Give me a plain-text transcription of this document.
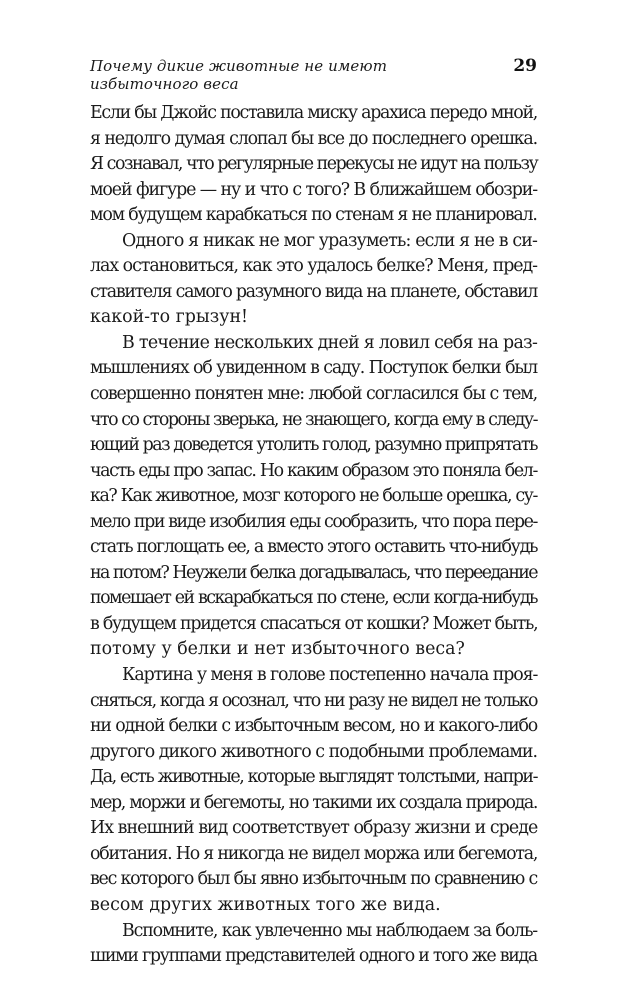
Почему дикие животные не имеют избыточного веса
29
Если бы Джойс поставила миску арахиса передо мной,
я недолго думая слопал бы все до последнего орешка.
Я сознавал, что регулярные перекусы не идут на пользу
моей фигуре — ну и что с того? В ближайшем обозри-
мом будущем карабкаться по стенам я не планировал.
Одного я никак не мог уразуметь: если я не в си-
лах остановиться, как это удалось белке? Меня, пред-
ставителя самого разумного вида на планете, обставил
какой-то грызун!
В течение нескольких дней я ловил себя на раз-
мышлениях об увиденном в саду. Поступок белки был
совершенно понятен мне: любой согласился бы с тем,
что со стороны зверька, не знающего, когда ему в следу-
ющий раз доведется утолить голод, разумно припрятать
часть еды про запас. Но каким образом это поняла бел-
ка? Как животное, мозг которого не больше орешка, су-
мело при виде изобилия еды сообразить, что пора пере-
стать поглощать ее, а вместо этого оставить что-нибудь
на потом? Неужели белка догадывалась, что переедание
помешает ей вскарабкаться по стене, если когда-нибудь
в будущем придется спасаться от кошки? Может быть,
потому у белки и нет избыточного веса?
Картина у меня в голове постепенно начала проя-
сняться, когда я осознал, что ни разу не видел не только
ни одной белки с избыточным весом, но и какого-либо
другого дикого животного с подобными проблемами.
Да, есть животные, которые выглядят толстыми, напри-
мер, моржи и бегемоты, но такими их создала природа.
Их внешний вид соответствует образу жизни и среде
обитания. Но я никогда не видел моржа или бегемота,
вес которого был бы явно избыточным по сравнению с
весом других животных того же вида.
Вспомните, как увлеченно мы наблюдаем за боль-
шими группами представителей одного и того же вида
